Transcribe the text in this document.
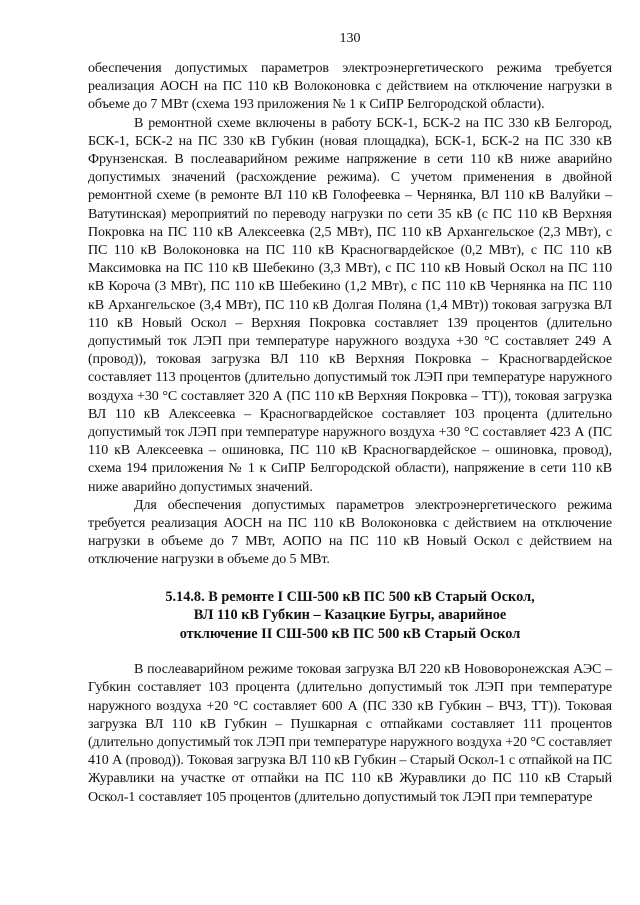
130

обеспечения допустимых параметров электроэнергетического режима требуется реализация АОСН на ПС 110 кВ Волоконовка с действием на отключение нагрузки в объеме до 7 МВт (схема 193 приложения № 1 к СиПР Белгородской области).

В ремонтной схеме включены в работу БСК-1, БСК-2 на ПС 330 кВ Белгород, БСК-1, БСК-2 на ПС 330 кВ Губкин (новая площадка), БСК-1, БСК-2 на ПС 330 кВ Фрунзенская. В послеаварийном режиме напряжение в сети 110 кВ ниже аварийно допустимых значений (расхождение режима). С учетом применения в двойной ремонтной схеме (в ремонте ВЛ 110 кВ Голофеевка – Чернянка, ВЛ 110 кВ Валуйки – Ватутинская) мероприятий по переводу нагрузки по сети 35 кВ (с ПС 110 кВ Верхняя Покровка на ПС 110 кВ Алексеевка (2,5 МВт), ПС 110 кВ Архангельское (2,3 МВт), с ПС 110 кВ Волоконовка на ПС 110 кВ Красногвардейское (0,2 МВт), с ПС 110 кВ Максимовка на ПС 110 кВ Шебекино (3,3 МВт), с ПС 110 кВ Новый Оскол на ПС 110 кВ Короча (3 МВт), ПС 110 кВ Шебекино (1,2 МВт), с ПС 110 кВ Чернянка на ПС 110 кВ Архангельское (3,4 МВт), ПС 110 кВ Долгая Поляна (1,4 МВт)) токовая загрузка ВЛ 110 кВ Новый Оскол – Верхняя Покровка составляет 139 процентов (длительно допустимый ток ЛЭП при температуре наружного воздуха +30 °С составляет 249 А (провод)), токовая загрузка ВЛ 110 кВ Верхняя Покровка – Красногвардейское составляет 113 процентов (длительно допустимый ток ЛЭП при температуре наружного воздуха +30 °С составляет 320 А (ПС 110 кВ Верхняя Покровка – ТТ)), токовая загрузка ВЛ 110 кВ Алексеевка – Красногвардейское составляет 103 процента (длительно допустимый ток ЛЭП при температуре наружного воздуха +30 °С составляет 423 А (ПС 110 кВ Алексеевка – ошиновка, ПС 110 кВ Красногвардейское – ошиновка, провод), схема 194 приложения № 1 к СиПР Белгородской области), напряжение в сети 110 кВ ниже аварийно допустимых значений.

Для обеспечения допустимых параметров электроэнергетического режима требуется реализация АОСН на ПС 110 кВ Волоконовка с действием на отключение нагрузки в объеме до 7 МВт, АОПО на ПС 110 кВ Новый Оскол с действием на отключение нагрузки в объеме до 5 МВт.

5.14.8. В ремонте I СШ-500 кВ ПС 500 кВ Старый Оскол,
ВЛ 110 кВ Губкин – Казацкие Бугры, аварийное
отключение II СШ-500 кВ ПС 500 кВ Старый Оскол

В послеаварийном режиме токовая загрузка ВЛ 220 кВ Нововоронежская АЭС – Губкин составляет 103 процента (длительно допустимый ток ЛЭП при температуре наружного воздуха +20 °С составляет 600 А (ПС 330 кВ Губкин – ВЧЗ, ТТ)). Токовая загрузка ВЛ 110 кВ Губкин – Пушкарная с отпайками составляет 111 процентов (длительно допустимый ток ЛЭП при температуре наружного воздуха +20 °С составляет 410 А (провод)). Токовая загрузка ВЛ 110 кВ Губкин – Старый Оскол-1 с отпайкой на ПС Журавлики на участке от отпайки на ПС 110 кВ Журавлики до ПС 110 кВ Старый Оскол-1 составляет 105 процентов (длительно допустимый ток ЛЭП при температуре
